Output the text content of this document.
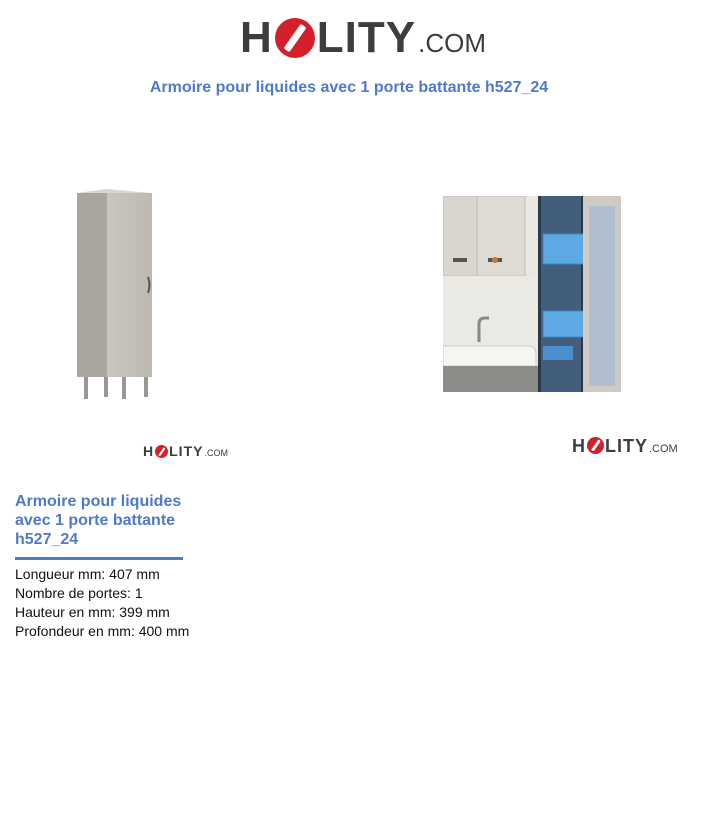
H LITY .COM
Armoire pour liquides avec 1 porte battante h527_24
H LITY .COM	H LITY .COM
Armoire pour liquides avec 1 porte battante h527_24
Longueur mm: 407 mm
Nombre de portes: 1
Hauteur en mm: 399 mm
Profondeur en mm: 400 mm
